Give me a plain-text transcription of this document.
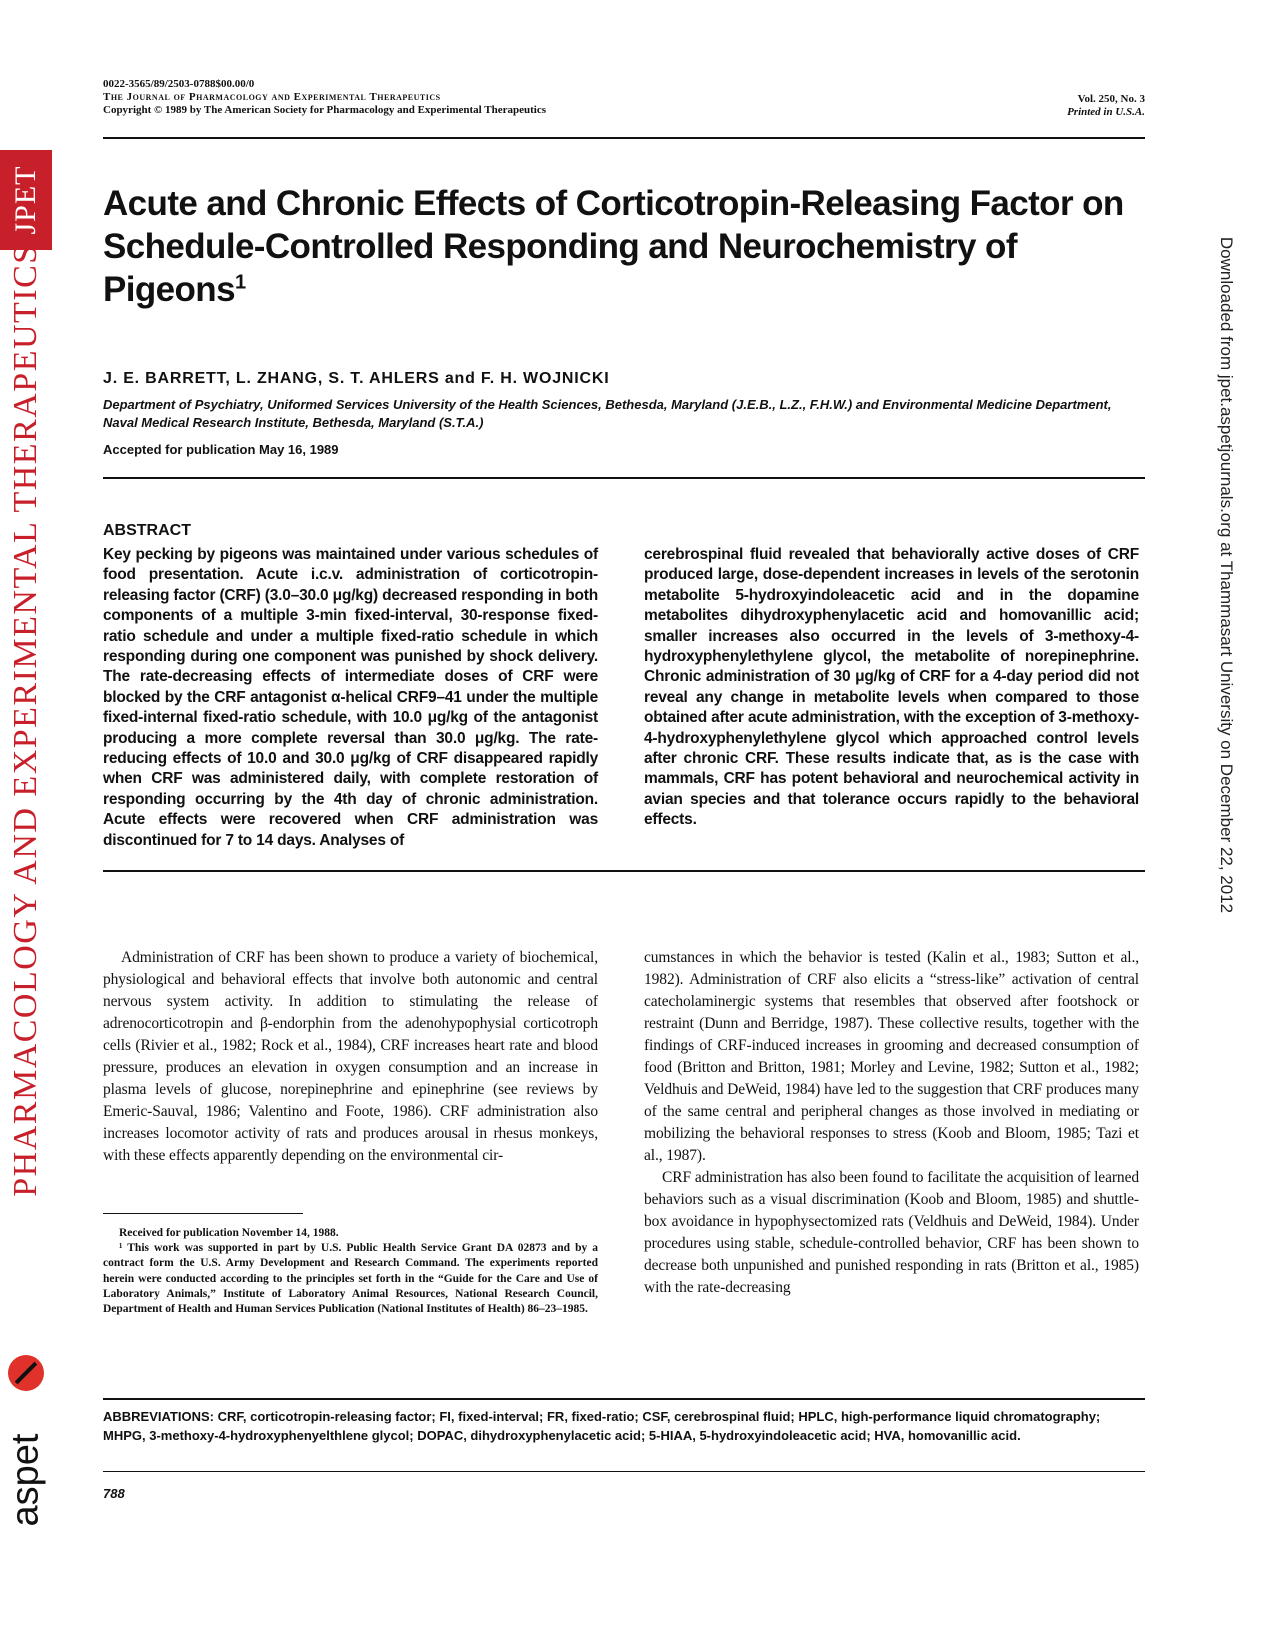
JPET
PHARMACOLOGY AND EXPERIMENTAL THERAPEUTICS
aspet
Downloaded from jpet.aspetjournals.org at Thammasart University on December 22, 2012
0022-3565/89/2503-0788$00.00/0
The Journal of Pharmacology and Experimental Therapeutics
Copyright © 1989 by The American Society for Pharmacology and Experimental Therapeutics
Vol. 250, No. 3
Printed in U.S.A.
Acute and Chronic Effects of Corticotropin-Releasing Factor on Schedule-Controlled Responding and Neurochemistry of Pigeons$^1$
J. E. BARRETT, L. ZHANG, S. T. AHLERS and F. H. WOJNICKI
Department of Psychiatry, Uniformed Services University of the Health Sciences, Bethesda, Maryland (J.E.B., L.Z., F.H.W.) and Environmental Medicine Department, Naval Medical Research Institute, Bethesda, Maryland (S.T.A.)
Accepted for publication May 16, 1989
ABSTRACT
Key pecking by pigeons was maintained under various schedules of food presentation. Acute i.c.v. administration of corticotropin-releasing factor (CRF) (3.0–30.0 μg/kg) decreased responding in both components of a multiple 3-min fixed-interval, 30-response fixed-ratio schedule and under a multiple fixed-ratio schedule in which responding during one component was punished by shock delivery. The rate-decreasing effects of intermediate doses of CRF were blocked by the CRF antagonist α-helical CRF9–41 under the multiple fixed-internal fixed-ratio schedule, with 10.0 μg/kg of the antagonist producing a more complete reversal than 30.0 μg/kg. The rate-reducing effects of 10.0 and 30.0 μg/kg of CRF disappeared rapidly when CRF was administered daily, with complete restoration of responding occurring by the 4th day of chronic administration. Acute effects were recovered when CRF administration was discontinued for 7 to 14 days. Analyses of
cerebrospinal fluid revealed that behaviorally active doses of CRF produced large, dose-dependent increases in levels of the serotonin metabolite 5-hydroxyindoleacetic acid and in the dopamine metabolites dihydroxyphenylacetic acid and homovanillic acid; smaller increases also occurred in the levels of 3-methoxy-4-hydroxyphenylethylene glycol, the metabolite of norepinephrine. Chronic administration of 30 μg/kg of CRF for a 4-day period did not reveal any change in metabolite levels when compared to those obtained after acute administration, with the exception of 3-methoxy-4-hydroxyphenylethylene glycol which approached control levels after chronic CRF. These results indicate that, as is the case with mammals, CRF has potent behavioral and neurochemical activity in avian species and that tolerance occurs rapidly to the behavioral effects.

Administration of CRF has been shown to produce a variety of biochemical, physiological and behavioral effects that involve both autonomic and central nervous system activity. In addition to stimulating the release of adrenocorticotropin and β-endorphin from the adenohypophysial corticotroph cells (Rivier et al., 1982; Rock et al., 1984), CRF increases heart rate and blood pressure, produces an elevation in oxygen consumption and an increase in plasma levels of glucose, norepinephrine and epinephrine (see reviews by Emeric-Sauval, 1986; Valentino and Foote, 1986). CRF administration also increases locomotor activity of rats and produces arousal in rhesus monkeys, with these effects apparently depending on the environmental cir-

cumstances in which the behavior is tested (Kalin et al., 1983; Sutton et al., 1982). Administration of CRF also elicits a “stress-like” activation of central catecholaminergic systems that resembles that observed after footshock or restraint (Dunn and Berridge, 1987). These collective results, together with the findings of CRF-induced increases in grooming and decreased consumption of food (Britton and Britton, 1981; Morley and Levine, 1982; Sutton et al., 1982; Veldhuis and DeWeid, 1984) have led to the suggestion that CRF produces many of the same central and peripheral changes as those involved in mediating or mobilizing the behavioral responses to stress (Koob and Bloom, 1985; Tazi et al., 1987).

CRF administration has also been found to facilitate the acquisition of learned behaviors such as a visual discrimination (Koob and Bloom, 1985) and shuttle-box avoidance in hypophysectomized rats (Veldhuis and DeWeid, 1984). Under procedures using stable, schedule-controlled behavior, CRF has been shown to decrease both unpunished and punished responding in rats (Britton et al., 1985) with the rate-decreasing

Received for publication November 14, 1988.

¹ This work was supported in part by U.S. Public Health Service Grant DA 02873 and by a contract form the U.S. Army Development and Research Command. The experiments reported herein were conducted according to the principles set forth in the “Guide for the Care and Use of Laboratory Animals,” Institute of Laboratory Animal Resources, National Research Council, Department of Health and Human Services Publication (National Institutes of Health) 86–23–1985.

ABBREVIATIONS: CRF, corticotropin-releasing factor; FI, fixed-interval; FR, fixed-ratio; CSF, cerebrospinal fluid; HPLC, high-performance liquid chromatography; MHPG, 3-methoxy-4-hydroxyphenyelthlene glycol; DOPAC, dihydroxyphenylacetic acid; 5-HIAA, 5-hydroxyindoleacetic acid; HVA, homovanillic acid.
788
